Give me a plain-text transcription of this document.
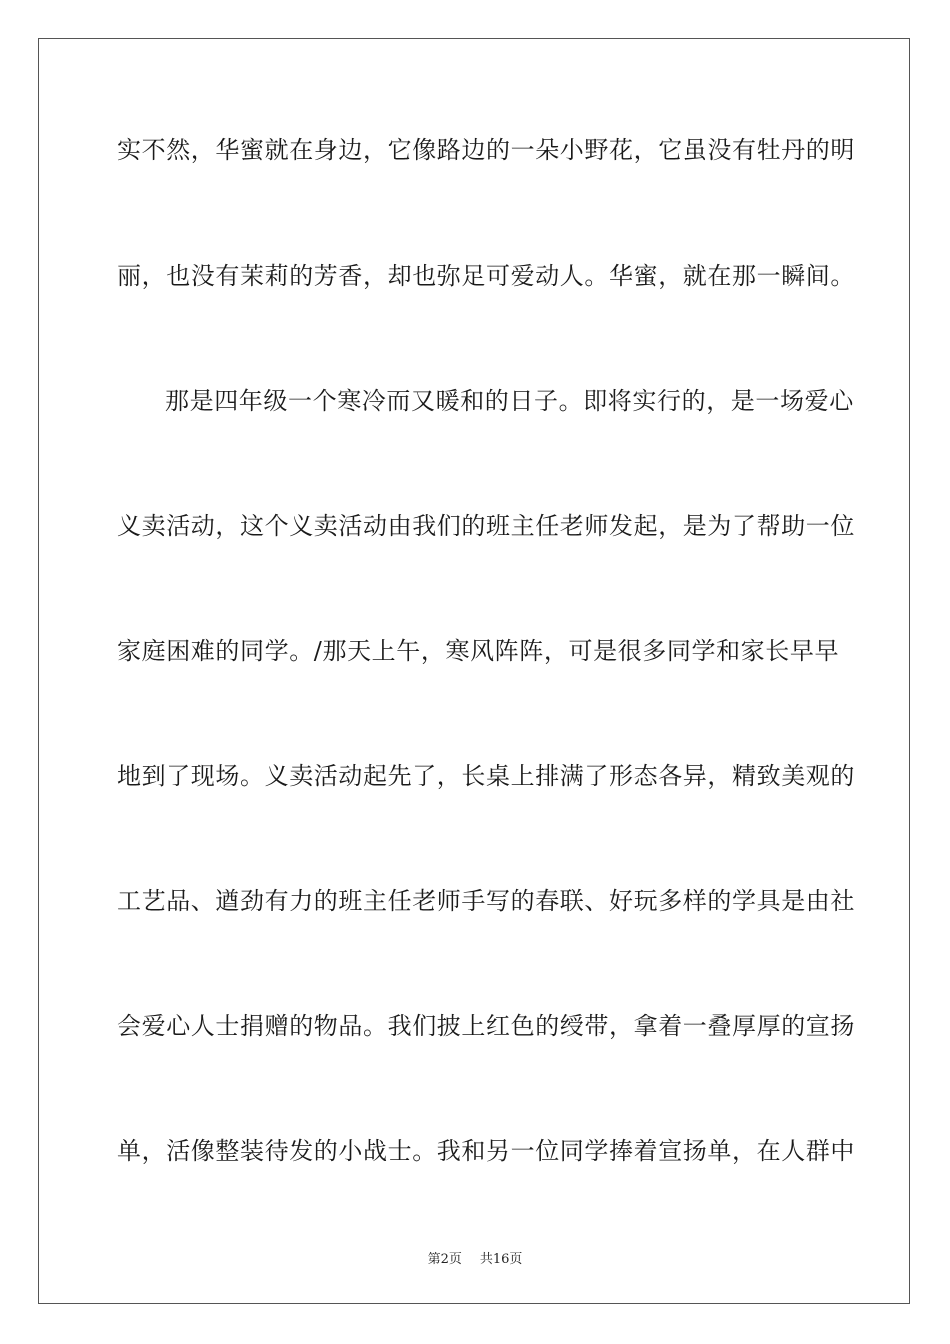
实不然，华蜜就在身边，它像路边的一朵小野花，它虽没有牡丹的明
丽，也没有茉莉的芳香，却也弥足可爱动人。华蜜，就在那一瞬间。
那是四年级一个寒冷而又暖和的日子。即将实行的，是一场爱心
义卖活动，这个义卖活动由我们的班主任老师发起，是为了帮助一位
家庭困难的同学。/那天上午，寒风阵阵，可是很多同学和家长早早
地到了现场。义卖活动起先了，长桌上排满了形态各异，精致美观的
工艺品、遒劲有力的班主任老师手写的春联、好玩多样的学具是由社
会爱心人士捐赠的物品。我们披上红色的绶带，拿着一叠厚厚的宣扬
单，活像整装待发的小战士。我和另一位同学捧着宣扬单，在人群中
第2页 共16页
